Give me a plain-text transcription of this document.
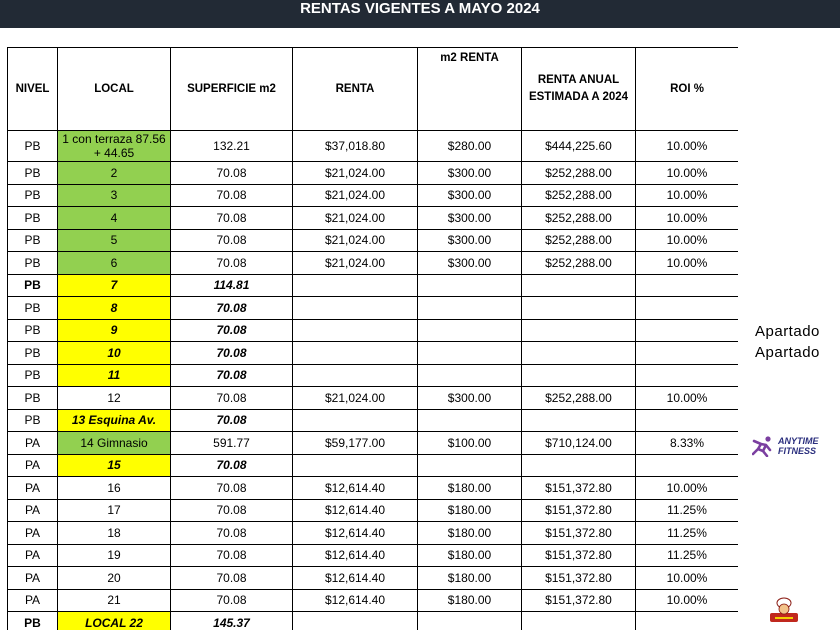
RENTAS VIGENTES A MAYO 2024
NIVEL	LOCAL	SUPERFICIE m2	RENTA	m2 RENTA	RENTA ANUAL ESTIMADA A 2024	ROI %
PB	1 con terraza 87.56 + 44.65	132.21	$37,018.80	$280.00	$444,225.60	10.00%
PB	2	70.08	$21,024.00	$300.00	$252,288.00	10.00%
PB	3	70.08	$21,024.00	$300.00	$252,288.00	10.00%
PB	4	70.08	$21,024.00	$300.00	$252,288.00	10.00%
PB	5	70.08	$21,024.00	$300.00	$252,288.00	10.00%
PB	6	70.08	$21,024.00	$300.00	$252,288.00	10.00%
PB	7	114.81				
PB	8	70.08				
PB	9	70.08				
PB	10	70.08				
PB	11	70.08				
PB	12	70.08	$21,024.00	$300.00	$252,288.00	10.00%
PB	13 Esquina Av.	70.08				
PA	14 Gimnasio	591.77	$59,177.00	$100.00	$710,124.00	8.33%
PA	15	70.08				
PA	16	70.08	$12,614.40	$180.00	$151,372.80	10.00%
PA	17	70.08	$12,614.40	$180.00	$151,372.80	11.25%
PA	18	70.08	$12,614.40	$180.00	$151,372.80	11.25%
PA	19	70.08	$12,614.40	$180.00	$151,372.80	11.25%
PA	20	70.08	$12,614.40	$180.00	$151,372.80	10.00%
PA	21	70.08	$12,614.40	$180.00	$151,372.80	10.00%
PB	LOCAL 22	145.37				
Apartado
Apartado
ANYTIME
FITNESS
